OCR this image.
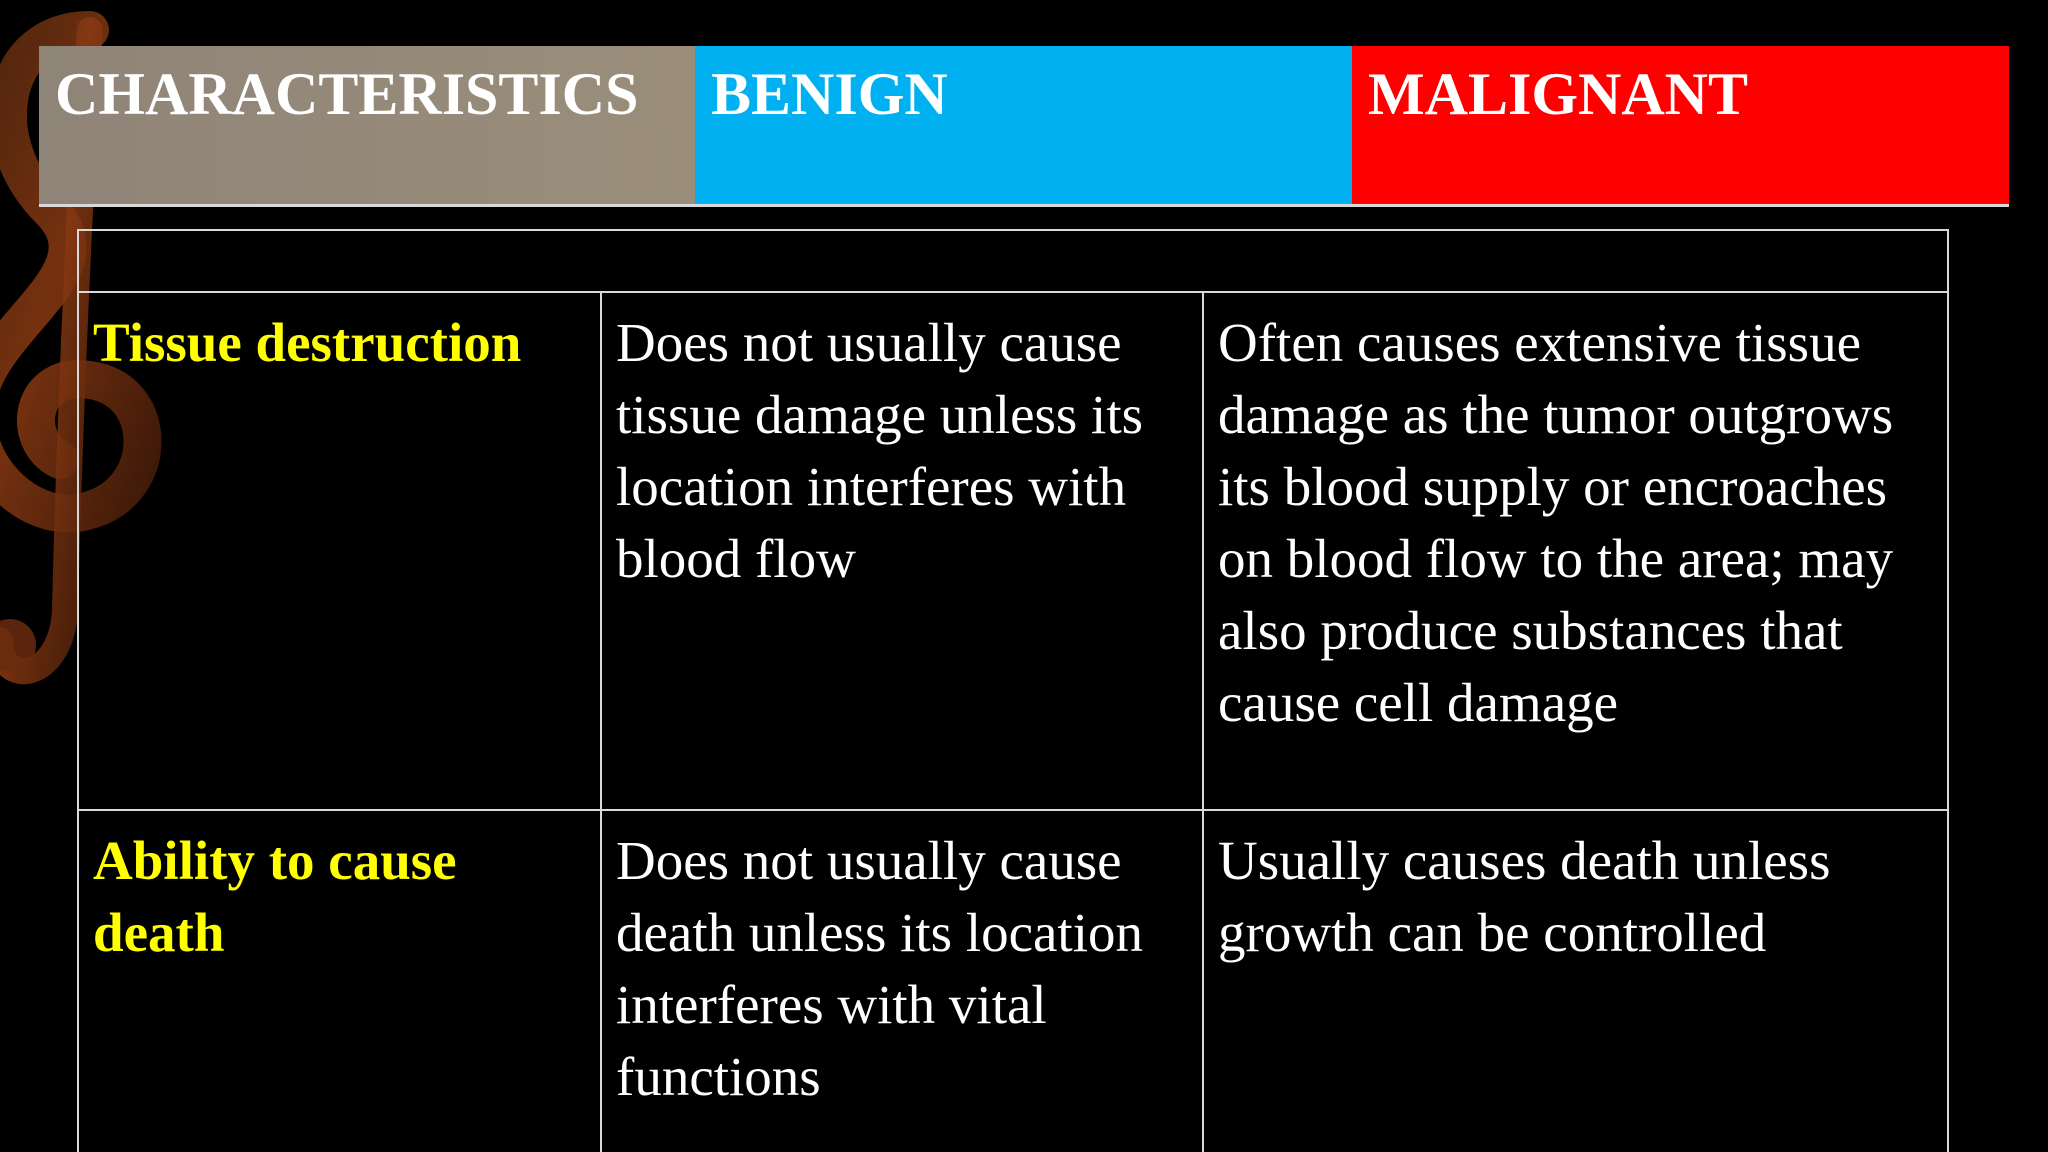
CHARACTERISTICS	BENIGN	MALIGNANT

Tissue destruction	Does not usually cause tissue damage unless its location interferes with blood flow	Often causes extensive tissue damage as the tumor outgrows its blood supply or encroaches on blood flow to the area; may also produce substances that cause cell damage
Ability to cause death	Does not usually cause death unless its location interferes with vital functions	Usually causes death unless growth can be controlled
